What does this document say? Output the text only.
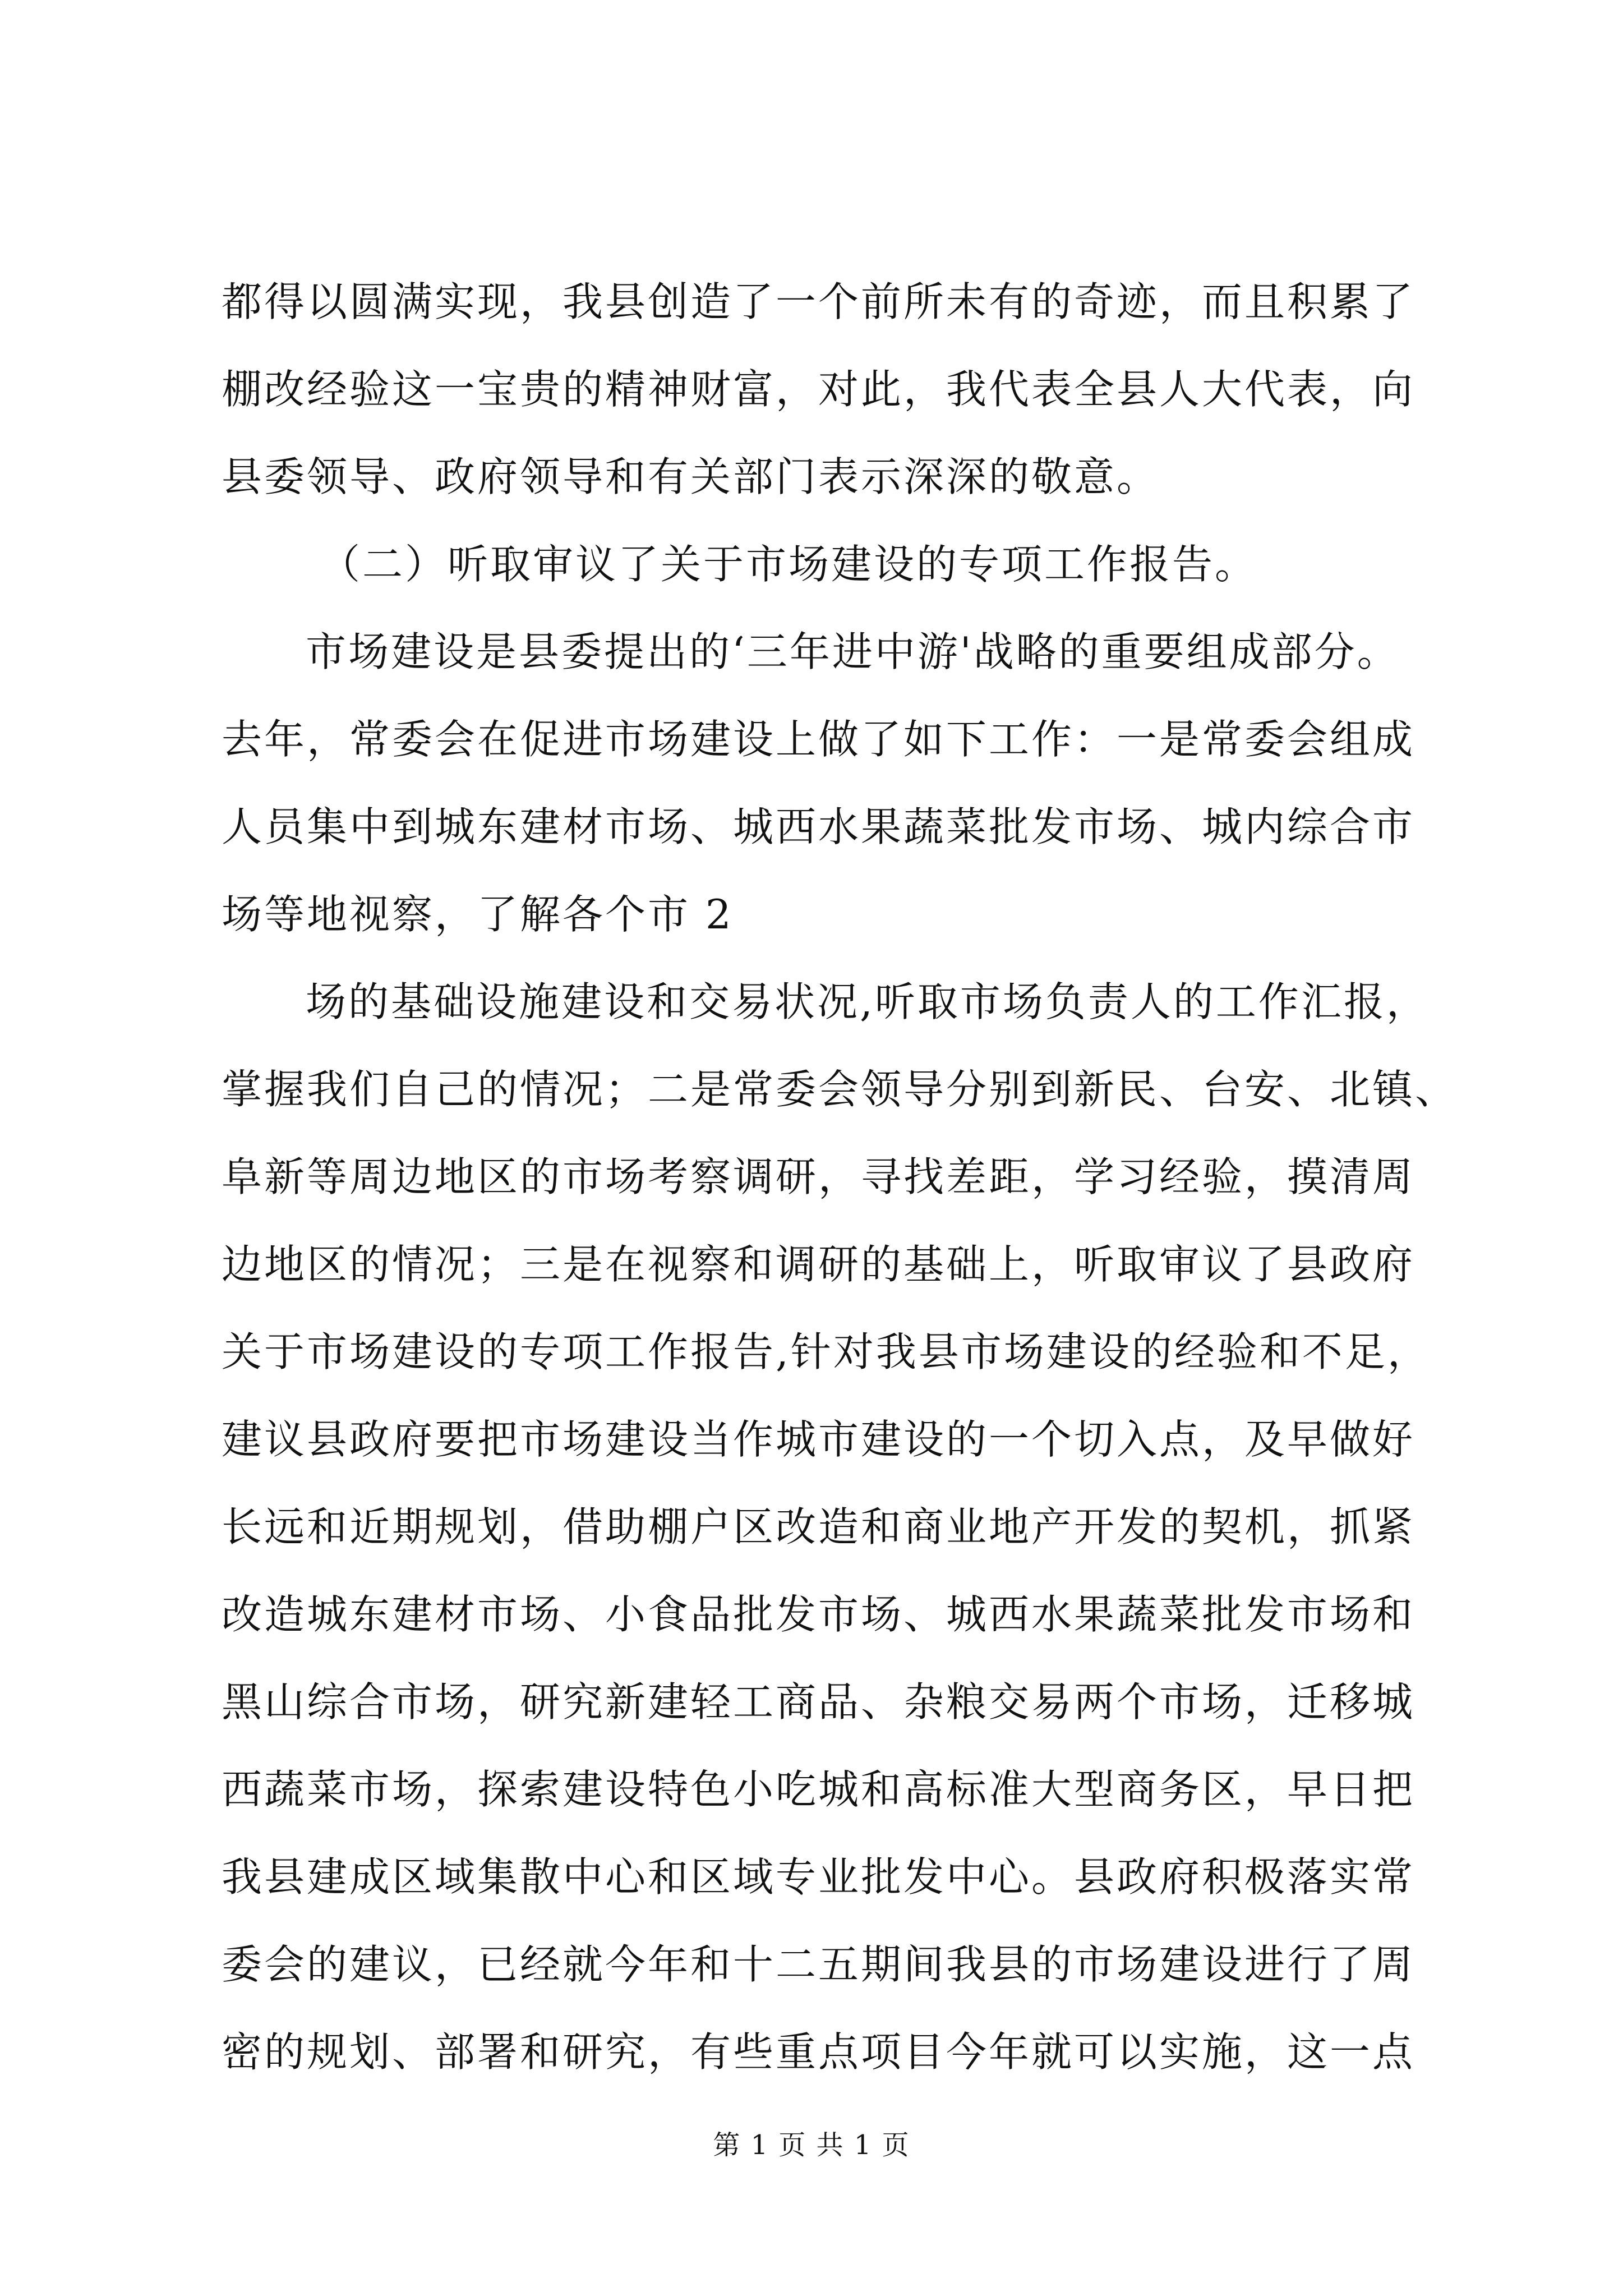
都得以圆满实现，我县创造了一个前所未有的奇迹，而且积累了
棚改经验这一宝贵的精神财富，对此，我代表全县人大代表，向
县委领导、政府领导和有关部门表示深深的敬意。
（二）听取审议了关于市场建设的专项工作报告。
市场建设是县委提出的‘三年进中游'战略的重要组成部分。
去年，常委会在促进市场建设上做了如下工作：一是常委会组成
人员集中到城东建材市场、城西水果蔬菜批发市场、城内综合市
场等地视察，了解各个市 2
场的基础设施建设和交易状况,听取市场负责人的工作汇报，
掌握我们自己的情况；二是常委会领导分别到新民、台安、北镇、
阜新等周边地区的市场考察调研，寻找差距，学习经验，摸清周
边地区的情况；三是在视察和调研的基础上，听取审议了县政府
关于市场建设的专项工作报告,针对我县市场建设的经验和不足，
建议县政府要把市场建设当作城市建设的一个切入点，及早做好
长远和近期规划，借助棚户区改造和商业地产开发的契机，抓紧
改造城东建材市场、小食品批发市场、城西水果蔬菜批发市场和
黑山综合市场，研究新建轻工商品、杂粮交易两个市场，迁移城
西蔬菜市场，探索建设特色小吃城和高标准大型商务区，早日把
我县建成区域集散中心和区域专业批发中心。县政府积极落实常
委会的建议，已经就今年和十二五期间我县的市场建设进行了周
密的规划、部署和研究，有些重点项目今年就可以实施，这一点
第 1 页 共 1 页
